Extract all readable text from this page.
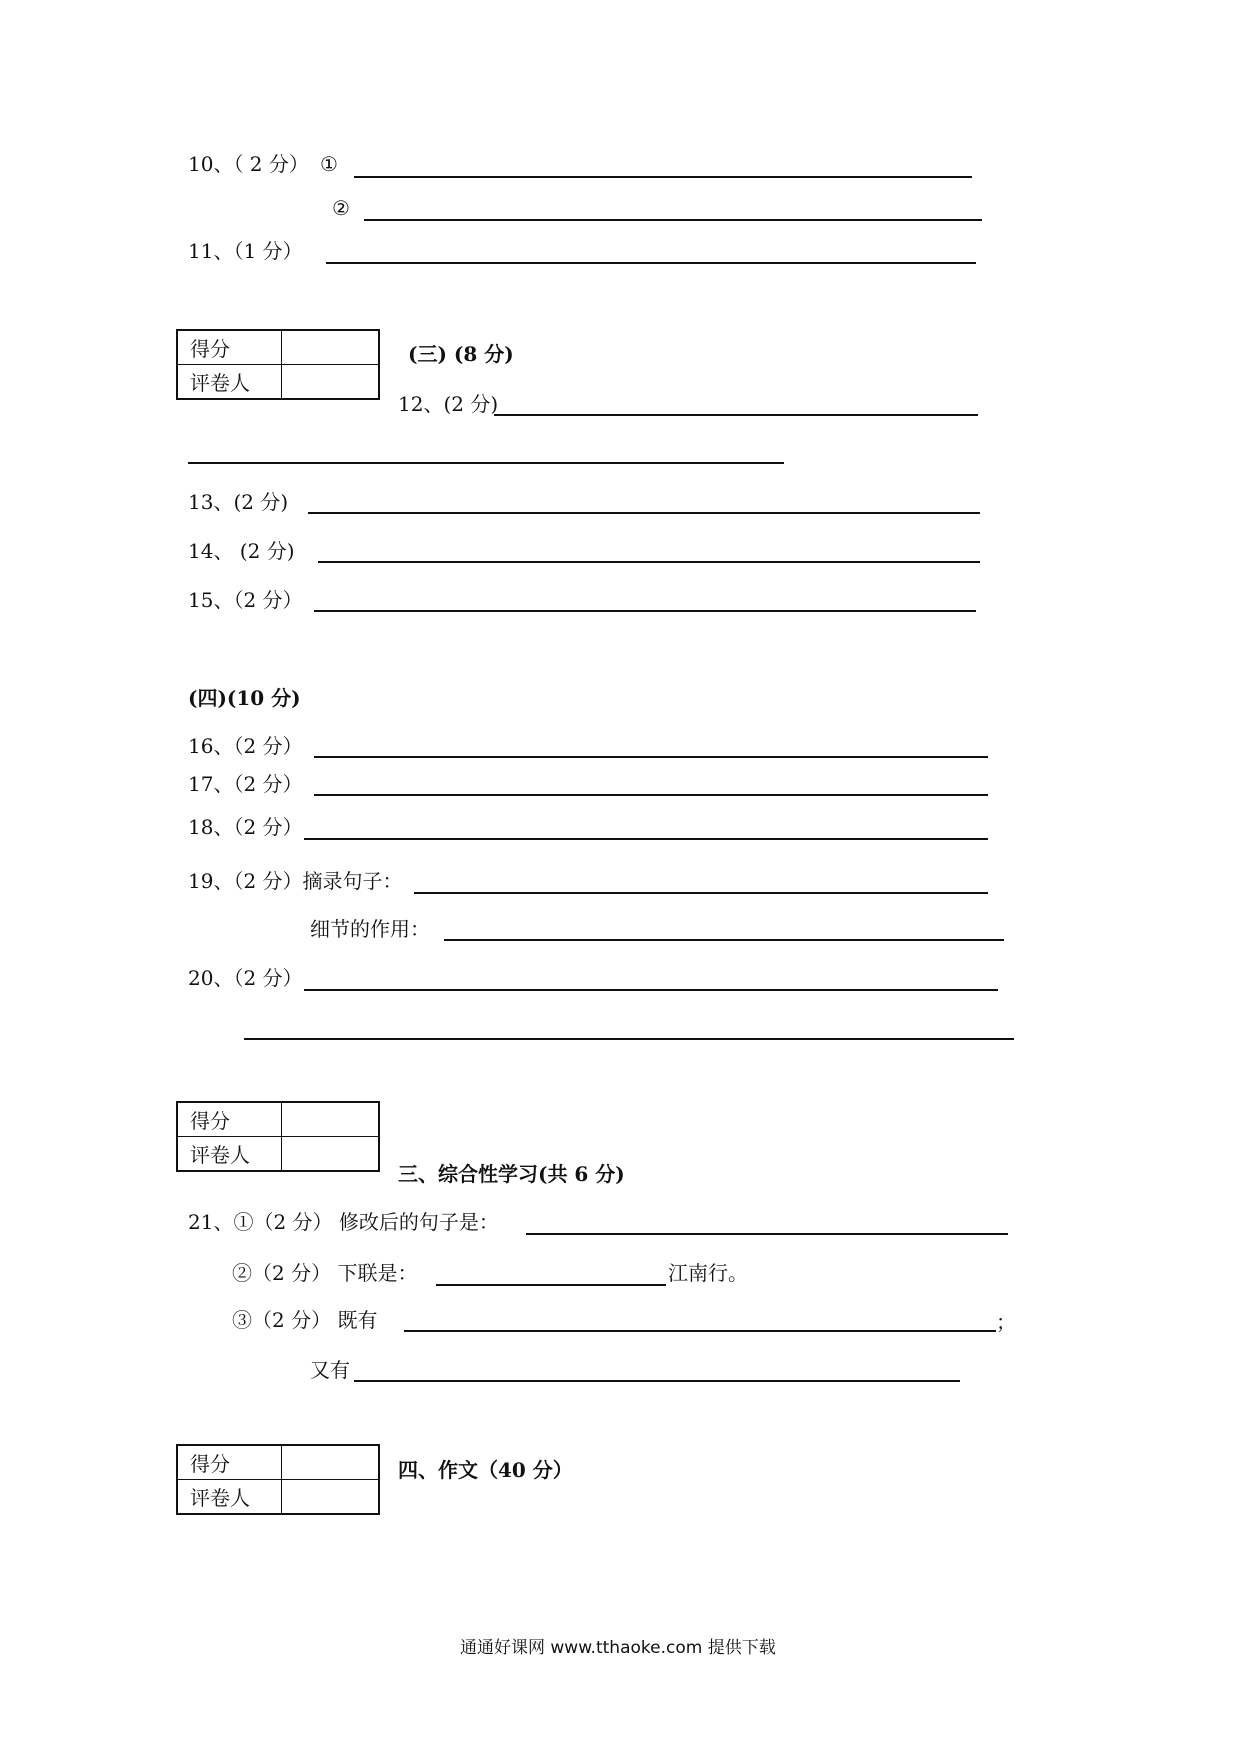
10、（ 2 分） ①
②
11、（1 分）
得分	
评卷人	
(三) (8 分)
12、(2 分)
13、(2 分)
14、 (2 分)
15、（2 分）
(四)(10 分)
16、（2 分）
17、（2 分）
18、（2 分）
19、（2 分）摘录句子：
细节的作用：
20、（2 分）
得分	
评卷人	
三、综合性学习(共 6 分)
21、①（2 分） 修改后的句子是：
②（2 分） 下联是：	江南行。
③（2 分） 既有	；
又有
得分	
评卷人	
四、作文（40 分）
通通好课网 www.tthaoke.com 提供下载
